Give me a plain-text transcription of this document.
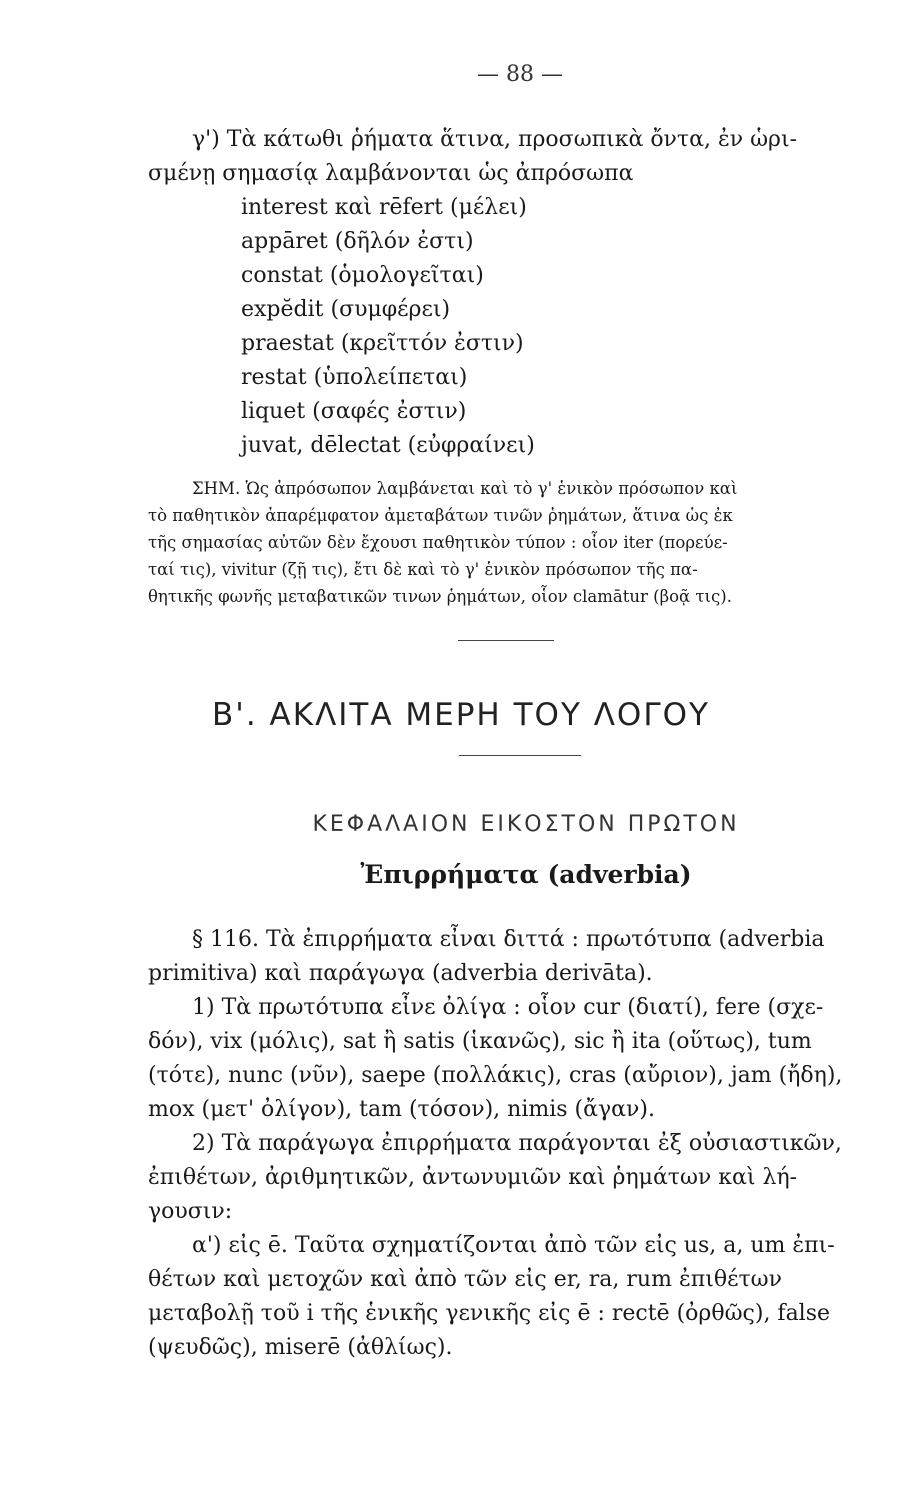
— 88 —
γ') Τὰ κάτωθι ῥήματα ἅτινα, προσωπικὰ ὄντα, ἐν ὡρι-
σμένῃ σημασίᾳ λαμβάνονται ὡς ἀπρόσωπα
interest καὶ rēfert (μέλει)
appāret (δῆλόν ἐστι)
constat (ὁμολογεῖται)
expĕdit (συμφέρει)
praestat (κρεῖττόν ἐστιν)
restat (ὑπολείπεται)
liquet (σαφές ἐστιν)
juvat, dēlectat (εὐφραίνει)
ΣΗΜ. Ὡς ἀπρόσωπον λαμβάνεται καὶ τὸ γ' ἑνικὸν πρόσωπον καὶ
τὸ παθητικὸν ἀπαρέμφατον ἀμεταβάτων τινῶν ῥημάτων, ἅτινα ὡς ἐκ
τῆς σημασίας αὐτῶν δὲν ἔχουσι παθητικὸν τύπον : οἷον iter (πορεύε-
ταί τις), vivitur (ζῇ τις), ἔτι δὲ καὶ τὸ γ' ἑνικὸν πρόσωπον τῆς πα-
θητικῆς φωνῆς μεταβατικῶν τινων ῥημάτων, οἷον clamātur (βοᾷ τις).
Β'. ΑΚΛΙΤΑ ΜΕΡΗ ΤΟΥ ΛΟΓΟΥ
ΚΕΦΑΛΑΙΟΝ ΕΙΚΟΣΤΟΝ ΠΡΩΤΟΝ
Ἐπιρρήματα (adverbia)
§ 116. Τὰ ἐπιρρήματα εἶναι διττά : πρωτότυπα (adverbia
primitiva) καὶ παράγωγα (adverbia derivāta).
1) Τὰ πρωτότυπα εἶνε ὀλίγα : οἷον cur (διατί), fere (σχε-
δόν), vix (μόλις), sat ἢ satis (ἱκανῶς), sic ἢ ita (οὕτως), tum
(τότε), nunc (νῦν), saepe (πολλάκις), cras (αὔριον), jam (ἤδη),
mox (μετ' ὀλίγον), tam (τόσον), nimis (ἄγαν).
2) Τὰ παράγωγα ἐπιρρήματα παράγονται ἐξ οὐσιαστικῶν,
ἐπιθέτων, ἀριθμητικῶν, ἀντωνυμιῶν καὶ ῥημάτων καὶ λή-
γουσιν:
α') εἰς ē. Ταῦτα σχηματίζονται ἀπὸ τῶν εἰς us, a, um ἐπι-
θέτων καὶ μετοχῶν καὶ ἀπὸ τῶν εἰς er, ra, rum ἐπιθέτων
μεταβολῇ τοῦ i τῆς ἑνικῆς γενικῆς εἰς ē : rectē (ὀρθῶς), false
(ψευδῶς), miserē (ἀθλίως).
